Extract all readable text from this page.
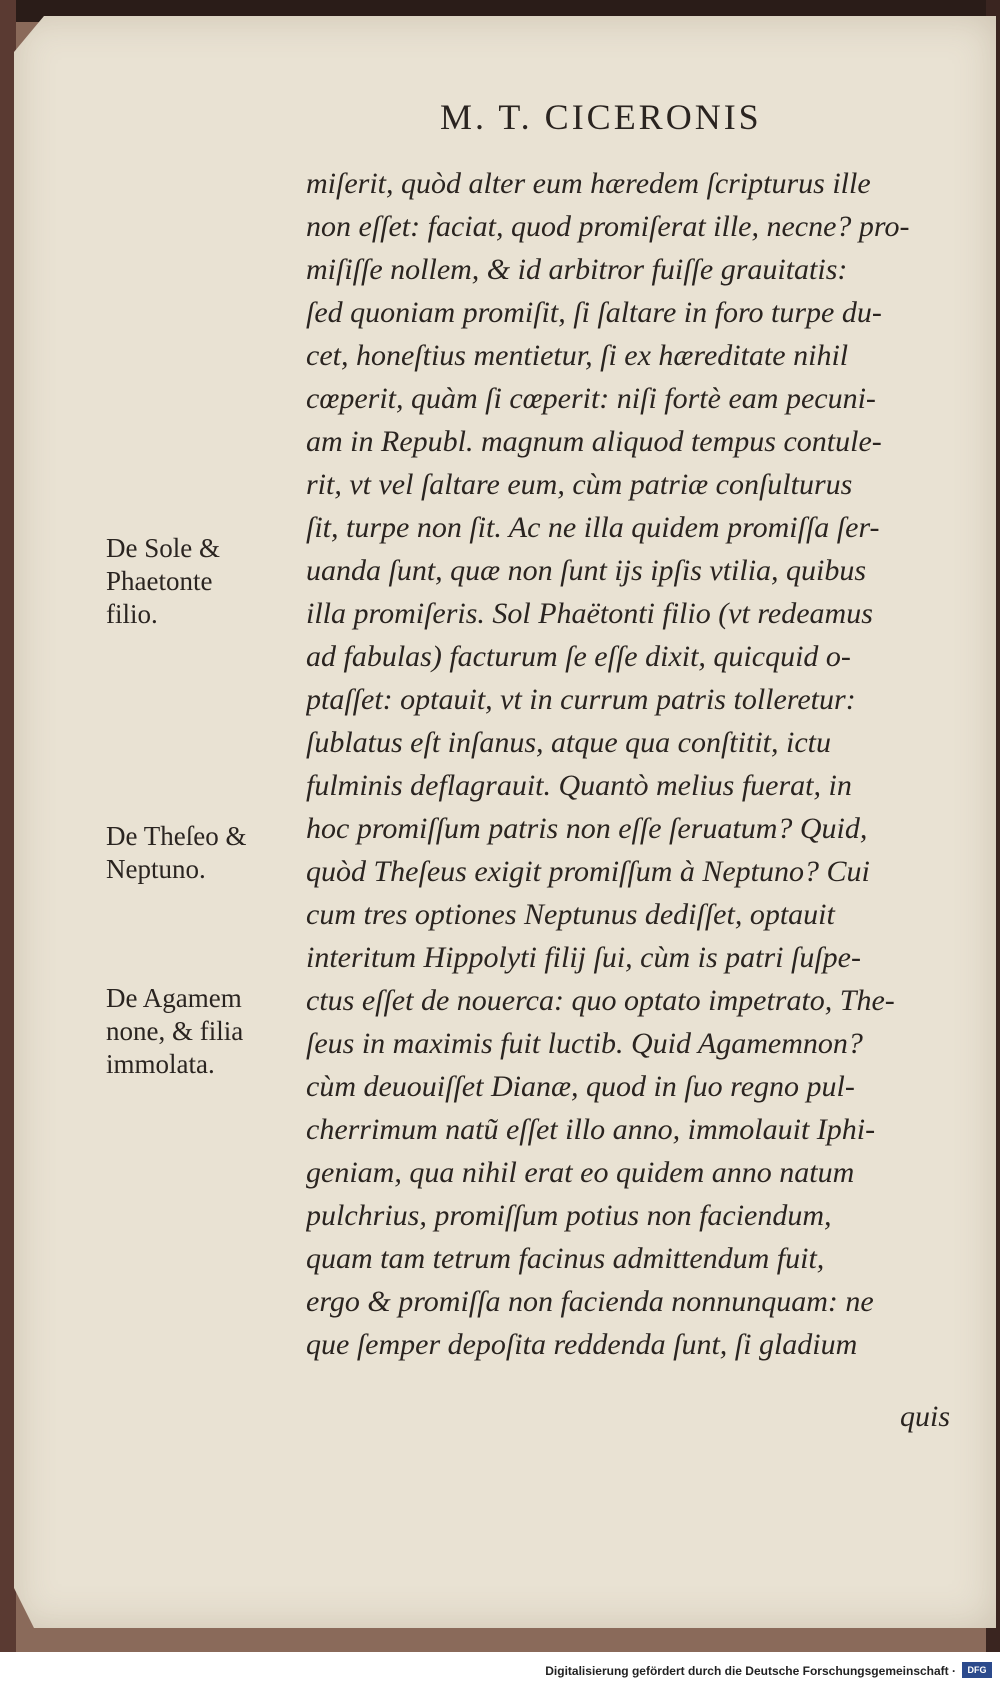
M. T. CICERONIS
De Sole &
Phaetonte
filio.
De Theſeo &
Neptuno.
De Agamem
none, & filia
immolata.
miſerit, quòd alter eum hæredem ſcripturus ille
non eſſet: faciat, quod promiſerat ille, necne? pro-
miſiſſe nollem, & id arbitror fuiſſe grauitatis:
ſed quoniam promiſit, ſi ſaltare in foro turpe du-
cet, honeſtius mentietur, ſi ex hæreditate nihil
cœperit, quàm ſi cœperit: niſi fortè eam pecuni-
am in Republ. magnum aliquod tempus contule-
rit, vt vel ſaltare eum, cùm patriæ conſulturus
ſit, turpe non ſit. Ac ne illa quidem promiſſa ſer-
uanda ſunt, quæ non ſunt ijs ipſis vtilia, quibus
illa promiſeris. Sol Phaëtonti filio (vt redeamus
ad fabulas) facturum ſe eſſe dixit, quicquid o-
ptaſſet: optauit, vt in currum patris tolleretur:
ſublatus eſt inſanus, atque qua conſtitit, ictu
fulminis deflagrauit. Quantò melius fuerat, in
hoc promiſſum patris non eſſe ſeruatum? Quid,
quòd Theſeus exigit promiſſum à Neptuno? Cui
cum tres optiones Neptunus dediſſet, optauit
interitum Hippolyti filij ſui, cùm is patri ſuſpe-
ctus eſſet de nouerca: quo optato impetrato, The-
ſeus in maximis fuit luctib. Quid Agamemnon?
cùm deuouiſſet Dianæ, quod in ſuo regno pul-
cherrimum natũ eſſet illo anno, immolauit Iphi-
geniam, qua nihil erat eo quidem anno natum
pulchrius, promiſſum potius non faciendum,
quam tam tetrum facinus admittendum fuit,
ergo & promiſſa non facienda nonnunquam: ne
que ſemper depoſita reddenda ſunt, ſi gladium
quis
Digitalisierung gefördert durch die Deutsche Forschungsgemeinschaft ·	DFG
